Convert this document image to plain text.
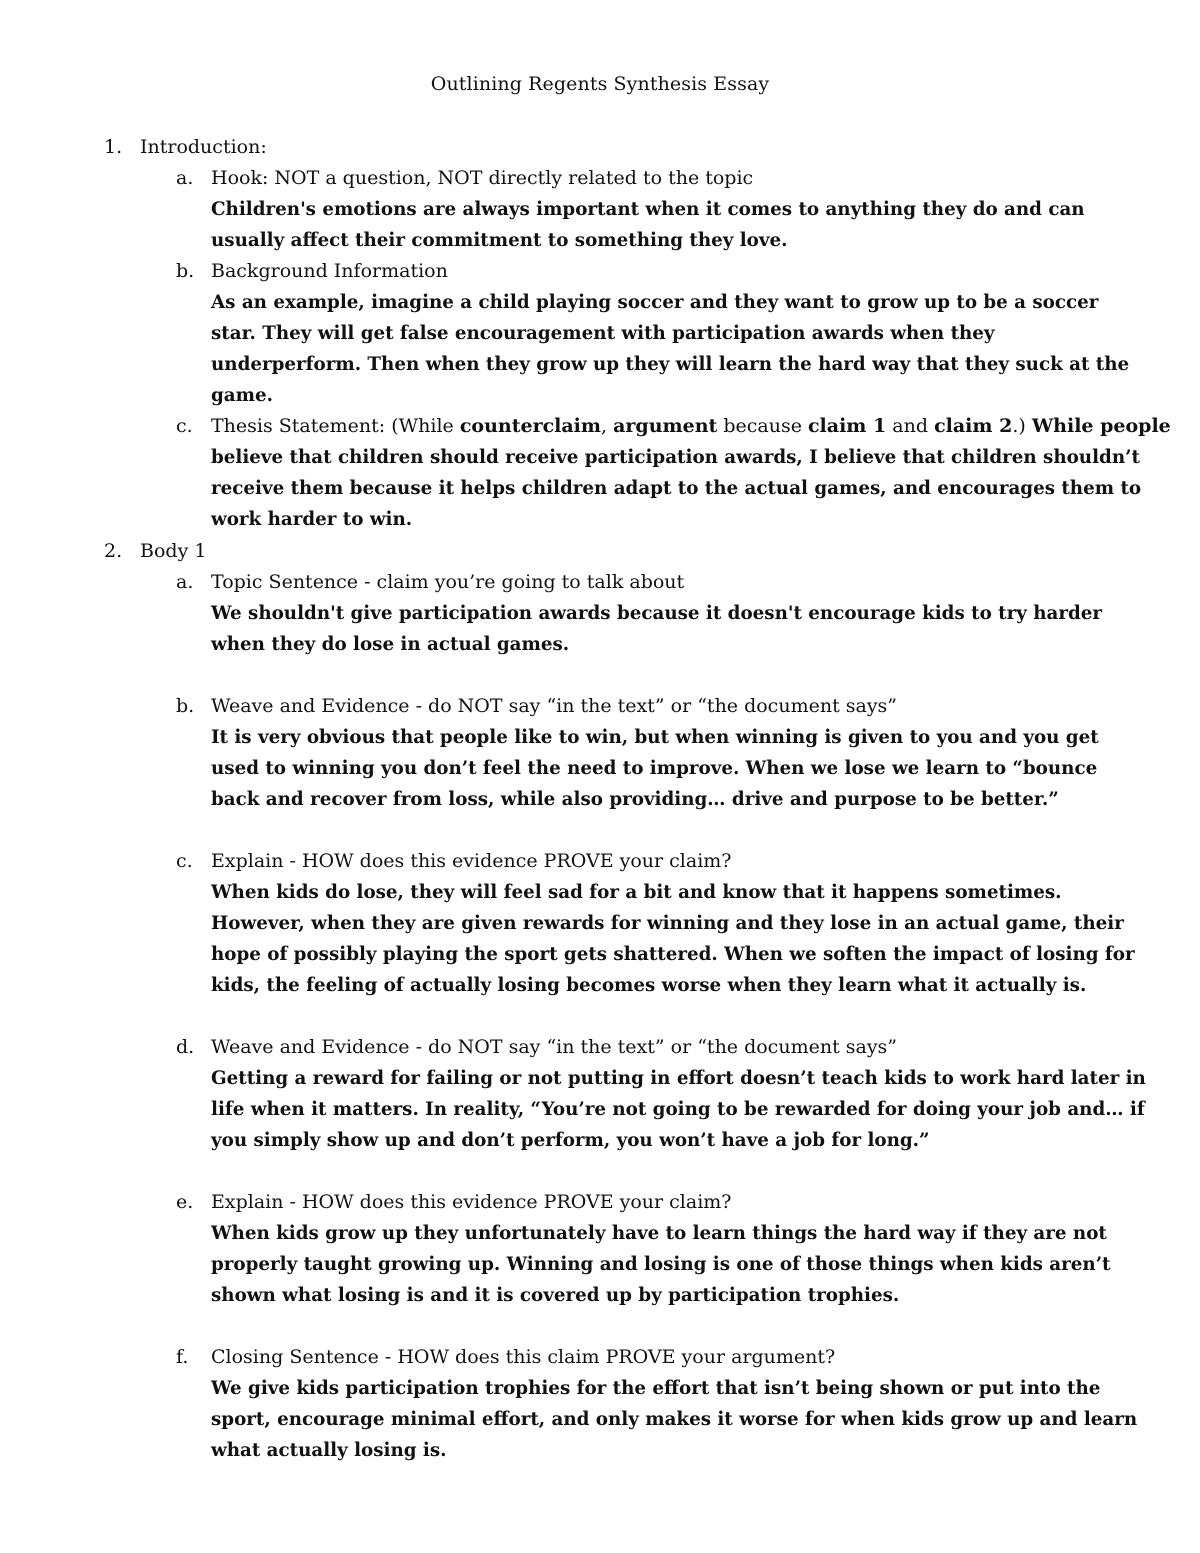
Outlining Regents Synthesis Essay
1. Introduction:
a. Hook: NOT a question, NOT directly related to the topic
Children's emotions are always important when it comes to anything they do and can usually affect their commitment to something they love.
b. Background Information
As an example, imagine a child playing soccer and they want to grow up to be a soccer star. They will get false encouragement with participation awards when they underperform. Then when they grow up they will learn the hard way that they suck at the game.
c. Thesis Statement: (While counterclaim, argument because claim 1 and claim 2.) While people
believe that children should receive participation awards, I believe that children shouldn’t receive them because it helps children adapt to the actual games, and encourages them to work harder to win.
2. Body 1
a. Topic Sentence - claim you’re going to talk about
We shouldn't give participation awards because it doesn't encourage kids to try harder when they do lose in actual games.
b. Weave and Evidence - do NOT say “in the text” or “the document says”
It is very obvious that people like to win, but when winning is given to you and you get used to winning you don’t feel the need to improve. When we lose we learn to “bounce back and recover from loss, while also providing… drive and purpose to be better.”
c. Explain - HOW does this evidence PROVE your claim?
When kids do lose, they will feel sad for a bit and know that it happens sometimes. However, when they are given rewards for winning and they lose in an actual game, their hope of possibly playing the sport gets shattered. When we soften the impact of losing for kids, the feeling of actually losing becomes worse when they learn what it actually is.
d. Weave and Evidence - do NOT say “in the text” or “the document says”
Getting a reward for failing or not putting in effort doesn’t teach kids to work hard later in life when it matters. In reality, “You’re not going to be rewarded for doing your job and… if you simply show up and don’t perform, you won’t have a job for long.”
e. Explain - HOW does this evidence PROVE your claim?
When kids grow up they unfortunately have to learn things the hard way if they are not properly taught growing up. Winning and losing is one of those things when kids aren’t shown what losing is and it is covered up by participation trophies.
f.	Closing Sentence - HOW does this claim PROVE your argument?
We give kids participation trophies for the effort that isn’t being shown or put into the sport, encourage minimal effort, and only makes it worse for when kids grow up and learn what actually losing is.
